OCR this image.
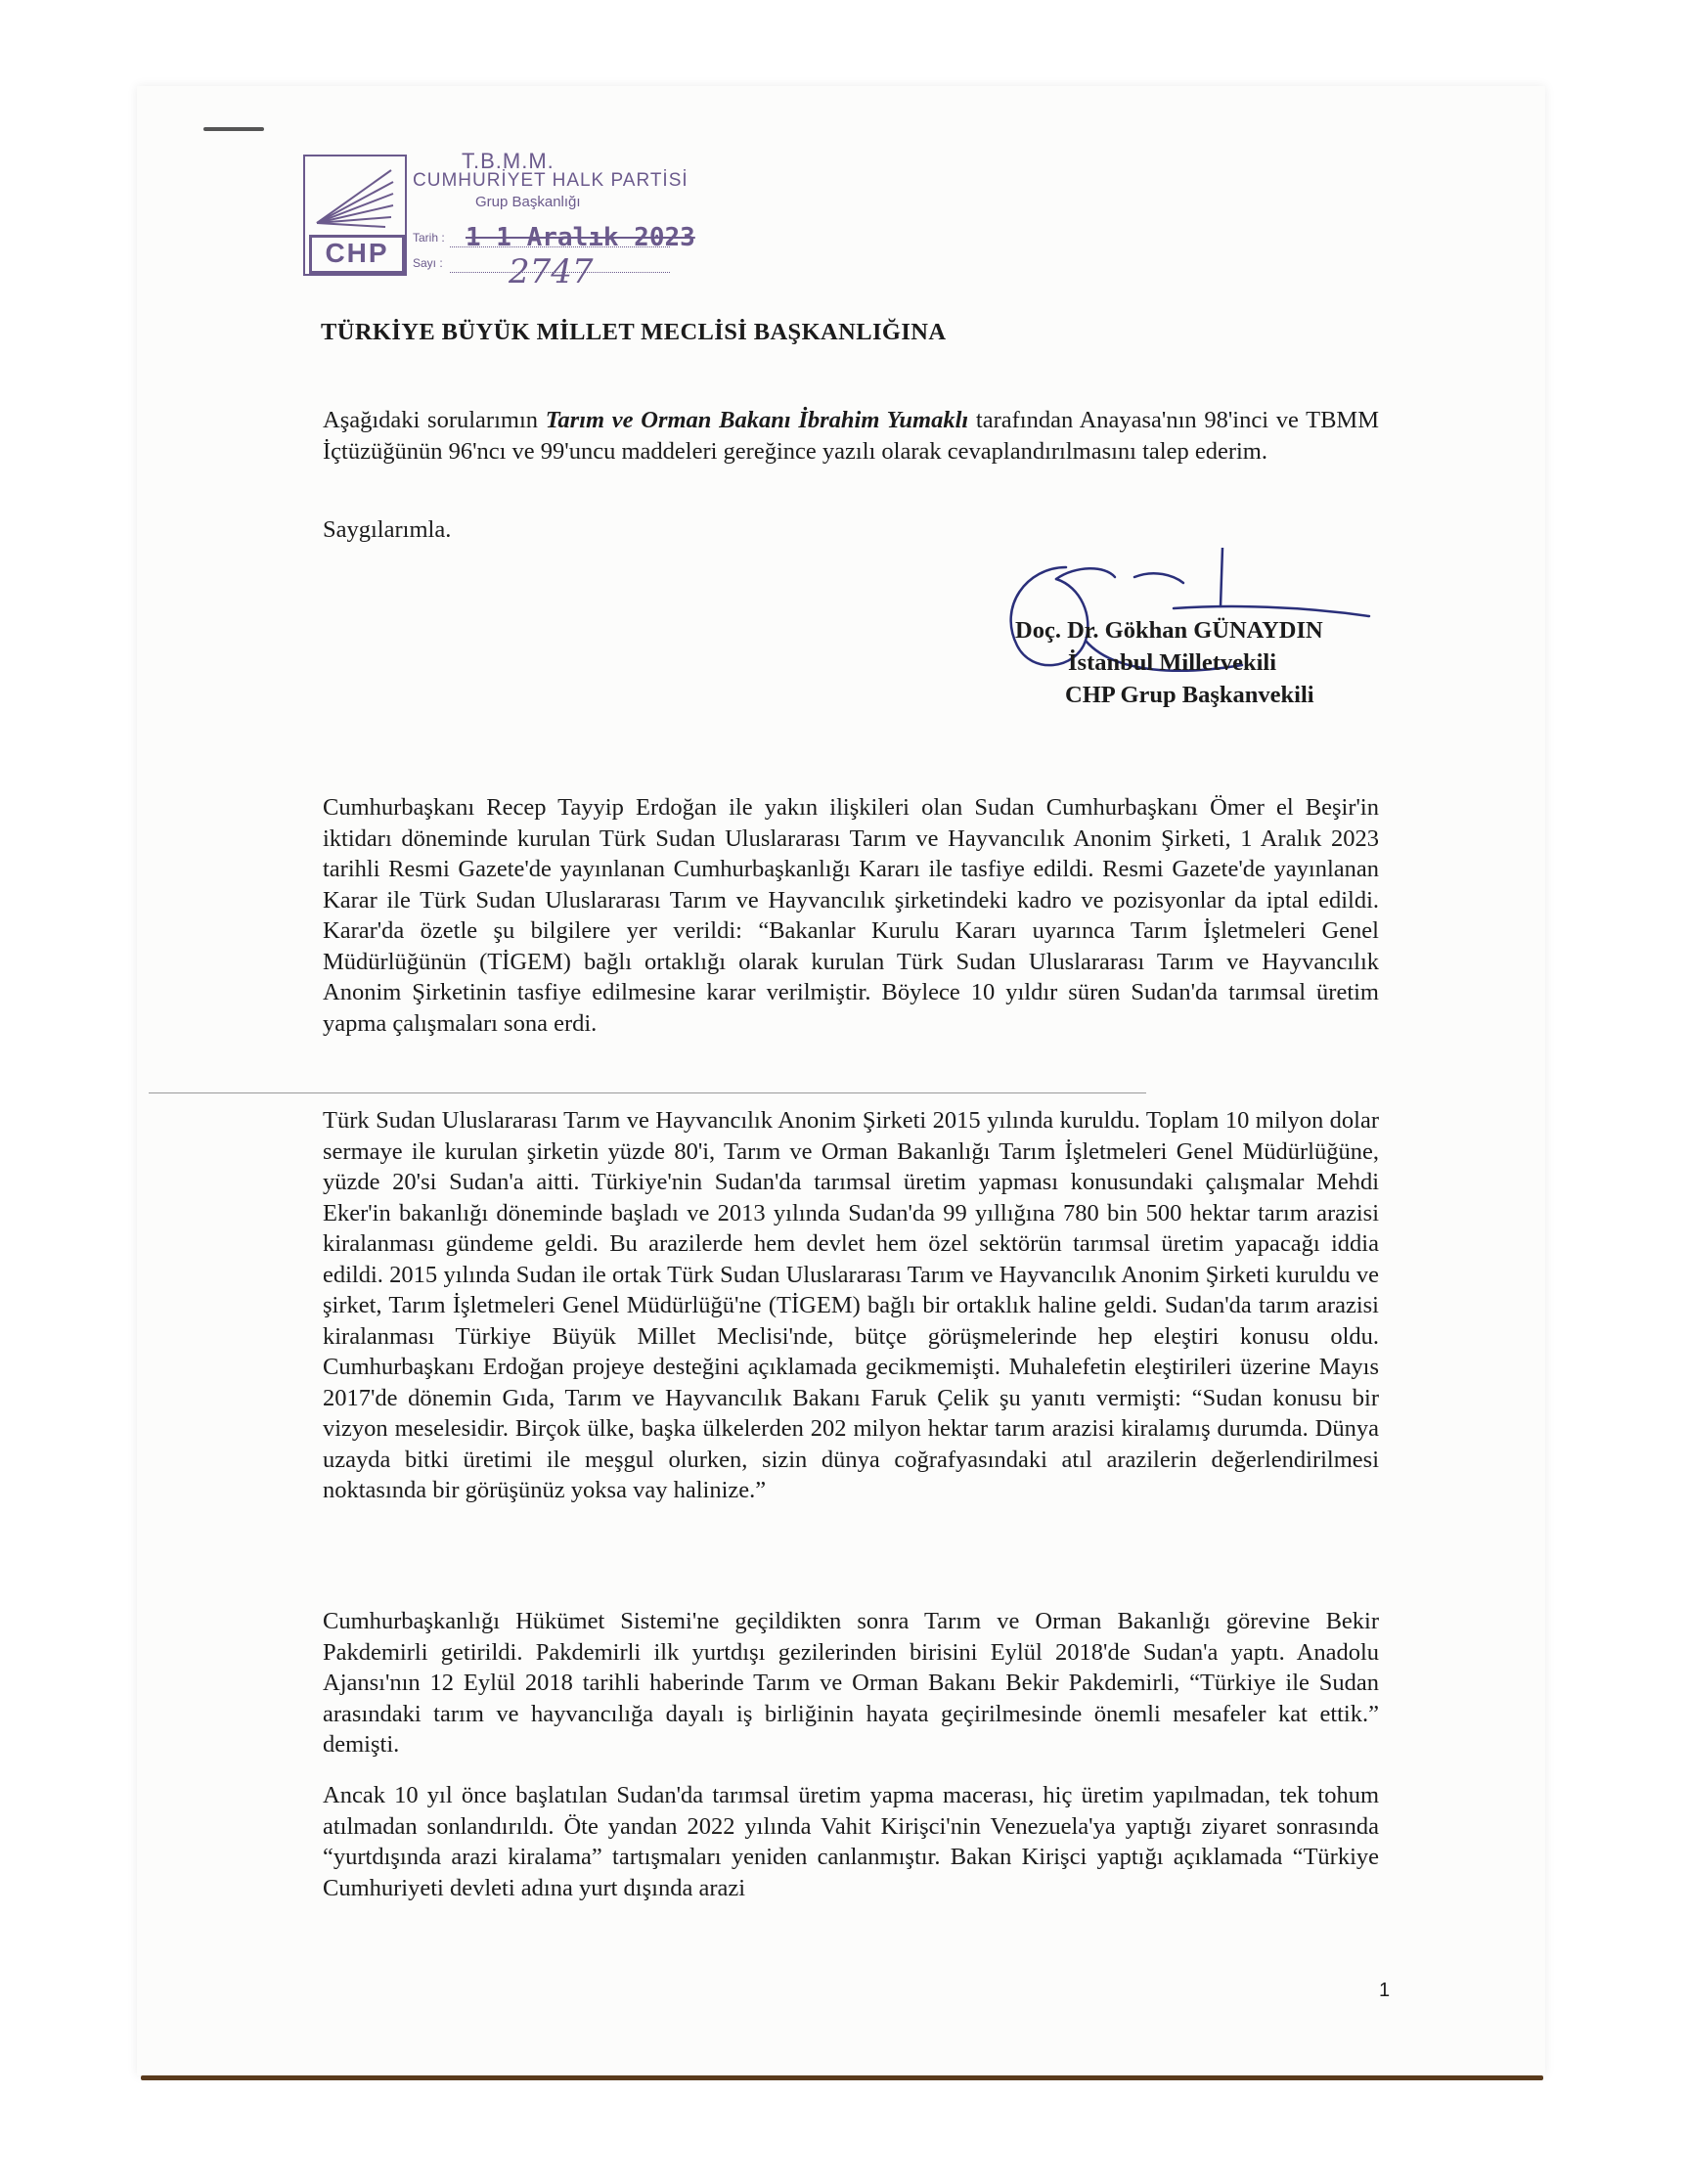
CHP
T.B.M.M.
CUMHURİYET HALK PARTİSİ
Grup Başkanlığı
Tarih : 1 1 Aralık 2023
Sayı : 2747
TÜRKİYE BÜYÜK MİLLET MECLİSİ BAŞKANLIĞINA
Aşağıdaki sorularımın Tarım ve Orman Bakanı İbrahim Yumaklı tarafından Anayasa'nın 98'inci ve TBMM İçtüzüğünün 96'ncı ve 99'uncu maddeleri gereğince yazılı olarak cevaplandırılmasını talep ederim.
Saygılarımla.
Doç. Dr. Gökhan GÜNAYDIN
İstanbul Milletvekili
CHP Grup Başkanvekili
Cumhurbaşkanı Recep Tayyip Erdoğan ile yakın ilişkileri olan Sudan Cumhurbaşkanı Ömer el Beşir'in iktidarı döneminde kurulan Türk Sudan Uluslararası Tarım ve Hayvancılık Anonim Şirketi, 1 Aralık 2023 tarihli Resmi Gazete'de yayınlanan Cumhurbaşkanlığı Kararı ile tasfiye edildi. Resmi Gazete'de yayınlanan Karar ile Türk Sudan Uluslararası Tarım ve Hayvancılık şirketindeki kadro ve pozisyonlar da iptal edildi. Karar'da özetle şu bilgilere yer verildi: “Bakanlar Kurulu Kararı uyarınca Tarım İşletmeleri Genel Müdürlüğünün (TİGEM) bağlı ortaklığı olarak kurulan Türk Sudan Uluslararası Tarım ve Hayvancılık Anonim Şirketinin tasfiye edilmesine karar verilmiştir. Böylece 10 yıldır süren Sudan'da tarımsal üretim yapma çalışmaları sona erdi.
Türk Sudan Uluslararası Tarım ve Hayvancılık Anonim Şirketi 2015 yılında kuruldu. Toplam 10 milyon dolar sermaye ile kurulan şirketin yüzde 80'i, Tarım ve Orman Bakanlığı Tarım İşletmeleri Genel Müdürlüğüne, yüzde 20'si Sudan'a aitti. Türkiye'nin Sudan'da tarımsal üretim yapması konusundaki çalışmalar Mehdi Eker'in bakanlığı döneminde başladı ve 2013 yılında Sudan'da 99 yıllığına 780 bin 500 hektar tarım arazisi kiralanması gündeme geldi. Bu arazilerde hem devlet hem özel sektörün tarımsal üretim yapacağı iddia edildi. 2015 yılında Sudan ile ortak Türk Sudan Uluslararası Tarım ve Hayvancılık Anonim Şirketi kuruldu ve şirket, Tarım İşletmeleri Genel Müdürlüğü'ne (TİGEM) bağlı bir ortaklık haline geldi. Sudan'da tarım arazisi kiralanması Türkiye Büyük Millet Meclisi'nde, bütçe görüşmelerinde hep eleştiri konusu oldu. Cumhurbaşkanı Erdoğan projeye desteğini açıklamada gecikmemişti. Muhalefetin eleştirileri üzerine Mayıs 2017'de dönemin Gıda, Tarım ve Hayvancılık Bakanı Faruk Çelik şu yanıtı vermişti: “Sudan konusu bir vizyon meselesidir. Birçok ülke, başka ülkelerden 202 milyon hektar tarım arazisi kiralamış durumda. Dünya uzayda bitki üretimi ile meşgul olurken, sizin dünya coğrafyasındaki atıl arazilerin değerlendirilmesi noktasında bir görüşünüz yoksa vay halinize.”
Cumhurbaşkanlığı Hükümet Sistemi'ne geçildikten sonra Tarım ve Orman Bakanlığı görevine Bekir Pakdemirli getirildi. Pakdemirli ilk yurtdışı gezilerinden birisini Eylül 2018'de Sudan'a yaptı. Anadolu Ajansı'nın 12 Eylül 2018 tarihli haberinde Tarım ve Orman Bakanı Bekir Pakdemirli, “Türkiye ile Sudan arasındaki tarım ve hayvancılığa dayalı iş birliğinin hayata geçirilmesinde önemli mesafeler kat ettik.” demişti.
Ancak 10 yıl önce başlatılan Sudan'da tarımsal üretim yapma macerası, hiç üretim yapılmadan, tek tohum atılmadan sonlandırıldı. Öte yandan 2022 yılında Vahit Kirişci'nin Venezuela'ya yaptığı ziyaret sonrasında “yurtdışında arazi kiralama” tartışmaları yeniden canlanmıştır. Bakan Kirişci yaptığı açıklamada “Türkiye Cumhuriyeti devleti adına yurt dışında arazi
1
